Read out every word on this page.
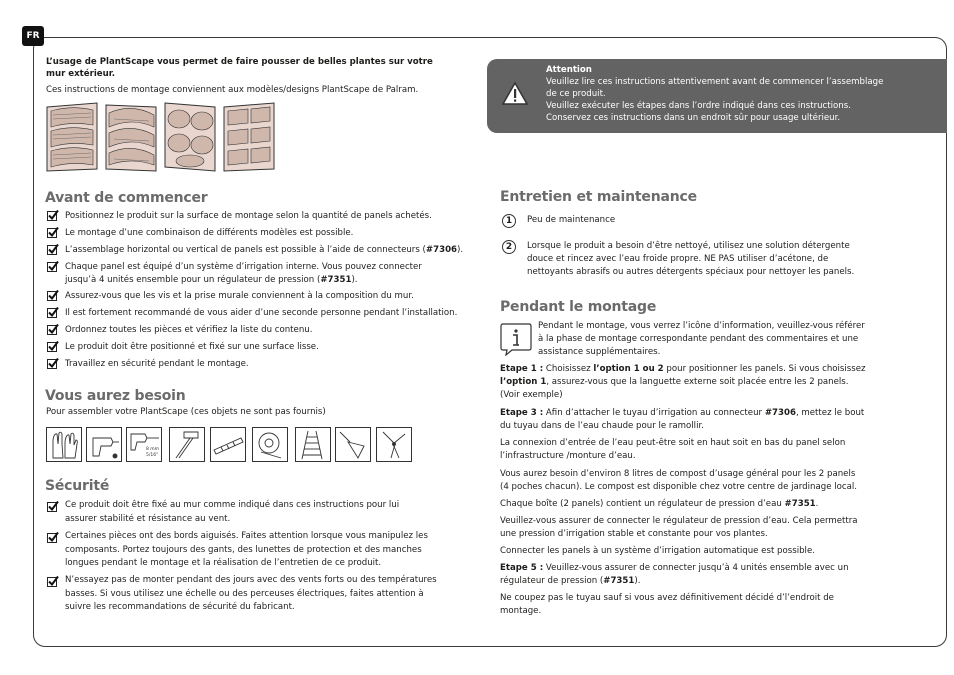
FR
L’usage de PlantScape vous permet de faire pousser de belles plantes sur votre
mur extérieur.
Ces instructions de montage conviennent aux modèles/designs PlantScape de Palram.
Attention
Veuillez lire ces instructions attentivement avant de commencer l’assemblage
de ce produit.
Veuillez exécuter les étapes dans l’ordre indiqué dans ces instructions.
Conservez ces instructions dans un endroit sûr pour usage ultérieur.
Avant de commencer
Positionnez le produit sur la surface de montage selon la quantité de panels achetés.
Le montage d’une combinaison de différents modèles est possible.
L’assemblage horizontal ou vertical de panels est possible à l’aide de connecteurs (#7306).
Chaque panel est équipé d’un système d’irrigation interne. Vous pouvez connecter
jusqu’à 4 unités ensemble pour un régulateur de pression (#7351).
Assurez-vous que les vis et la prise murale conviennent à la composition du mur.
Il est fortement recommandé de vous aider d’une seconde personne pendant l’installation.
Ordonnez toutes les pièces et vérifiez la liste du contenu.
Le produit doit être positionné et fixé sur une surface lisse.
Travaillez en sécurité pendant le montage.
Vous aurez besoin
Pour assembler votre PlantScape (ces objets ne sont pas fournis)
8 mm
5/16"
Sécurité
Ce produit doit être fixé au mur comme indiqué dans ces instructions pour lui
assurer stabilité et résistance au vent.
Certaines pièces ont des bords aiguisés. Faites attention lorsque vous manipulez les
composants. Portez toujours des gants, des lunettes de protection et des manches
longues pendant le montage et la réalisation de l’entretien de ce produit.
N’essayez pas de monter pendant des jours avec des vents forts ou des températures
basses. Si vous utilisez une échelle ou des perceuses électriques, faites attention à
suivre les recommandations de sécurité du fabricant.
Entretien et maintenance
1	Peu de maintenance
2	Lorsque le produit a besoin d’être nettoyé, utilisez une solution détergente
douce et rincez avec l’eau froide propre. NE PAS utiliser d’acétone, de
nettoyants abrasifs ou autres détergents spéciaux pour nettoyer les panels.
Pendant le montage
Pendant le montage, vous verrez l’icône d’information, veuillez-vous référer
à la phase de montage correspondante pendant des commentaires et une
assistance supplémentaires.
Etape 1 : Choisissez l’option 1 ou 2 pour positionner les panels. Si vous choisissez
l’option 1, assurez-vous que la languette externe soit placée entre les 2 panels.
(Voir exemple)
Etape 3 : Afin d’attacher le tuyau d’irrigation au connecteur #7306, mettez le bout
du tuyau dans de l’eau chaude pour le ramollir.
La connexion d’entrée de l’eau peut-être soit en haut soit en bas du panel selon
l’infrastructure /monture d’eau.
Vous aurez besoin d’environ 8 litres de compost d’usage général pour les 2 panels
(4 poches chacun). Le compost est disponible chez votre centre de jardinage local.
Chaque boîte (2 panels) contient un régulateur de pression d’eau #7351.
Veuillez-vous assurer de connecter le régulateur de pression d’eau. Cela permettra
une pression d’irrigation stable et constante pour vos plantes.
Connecter les panels à un système d’irrigation automatique est possible.
Etape 5 : Veuillez-vous assurer de connecter jusqu’à 4 unités ensemble avec un
régulateur de pression (#7351).
Ne coupez pas le tuyau sauf si vous avez définitivement décidé d’l’endroit de
montage.
